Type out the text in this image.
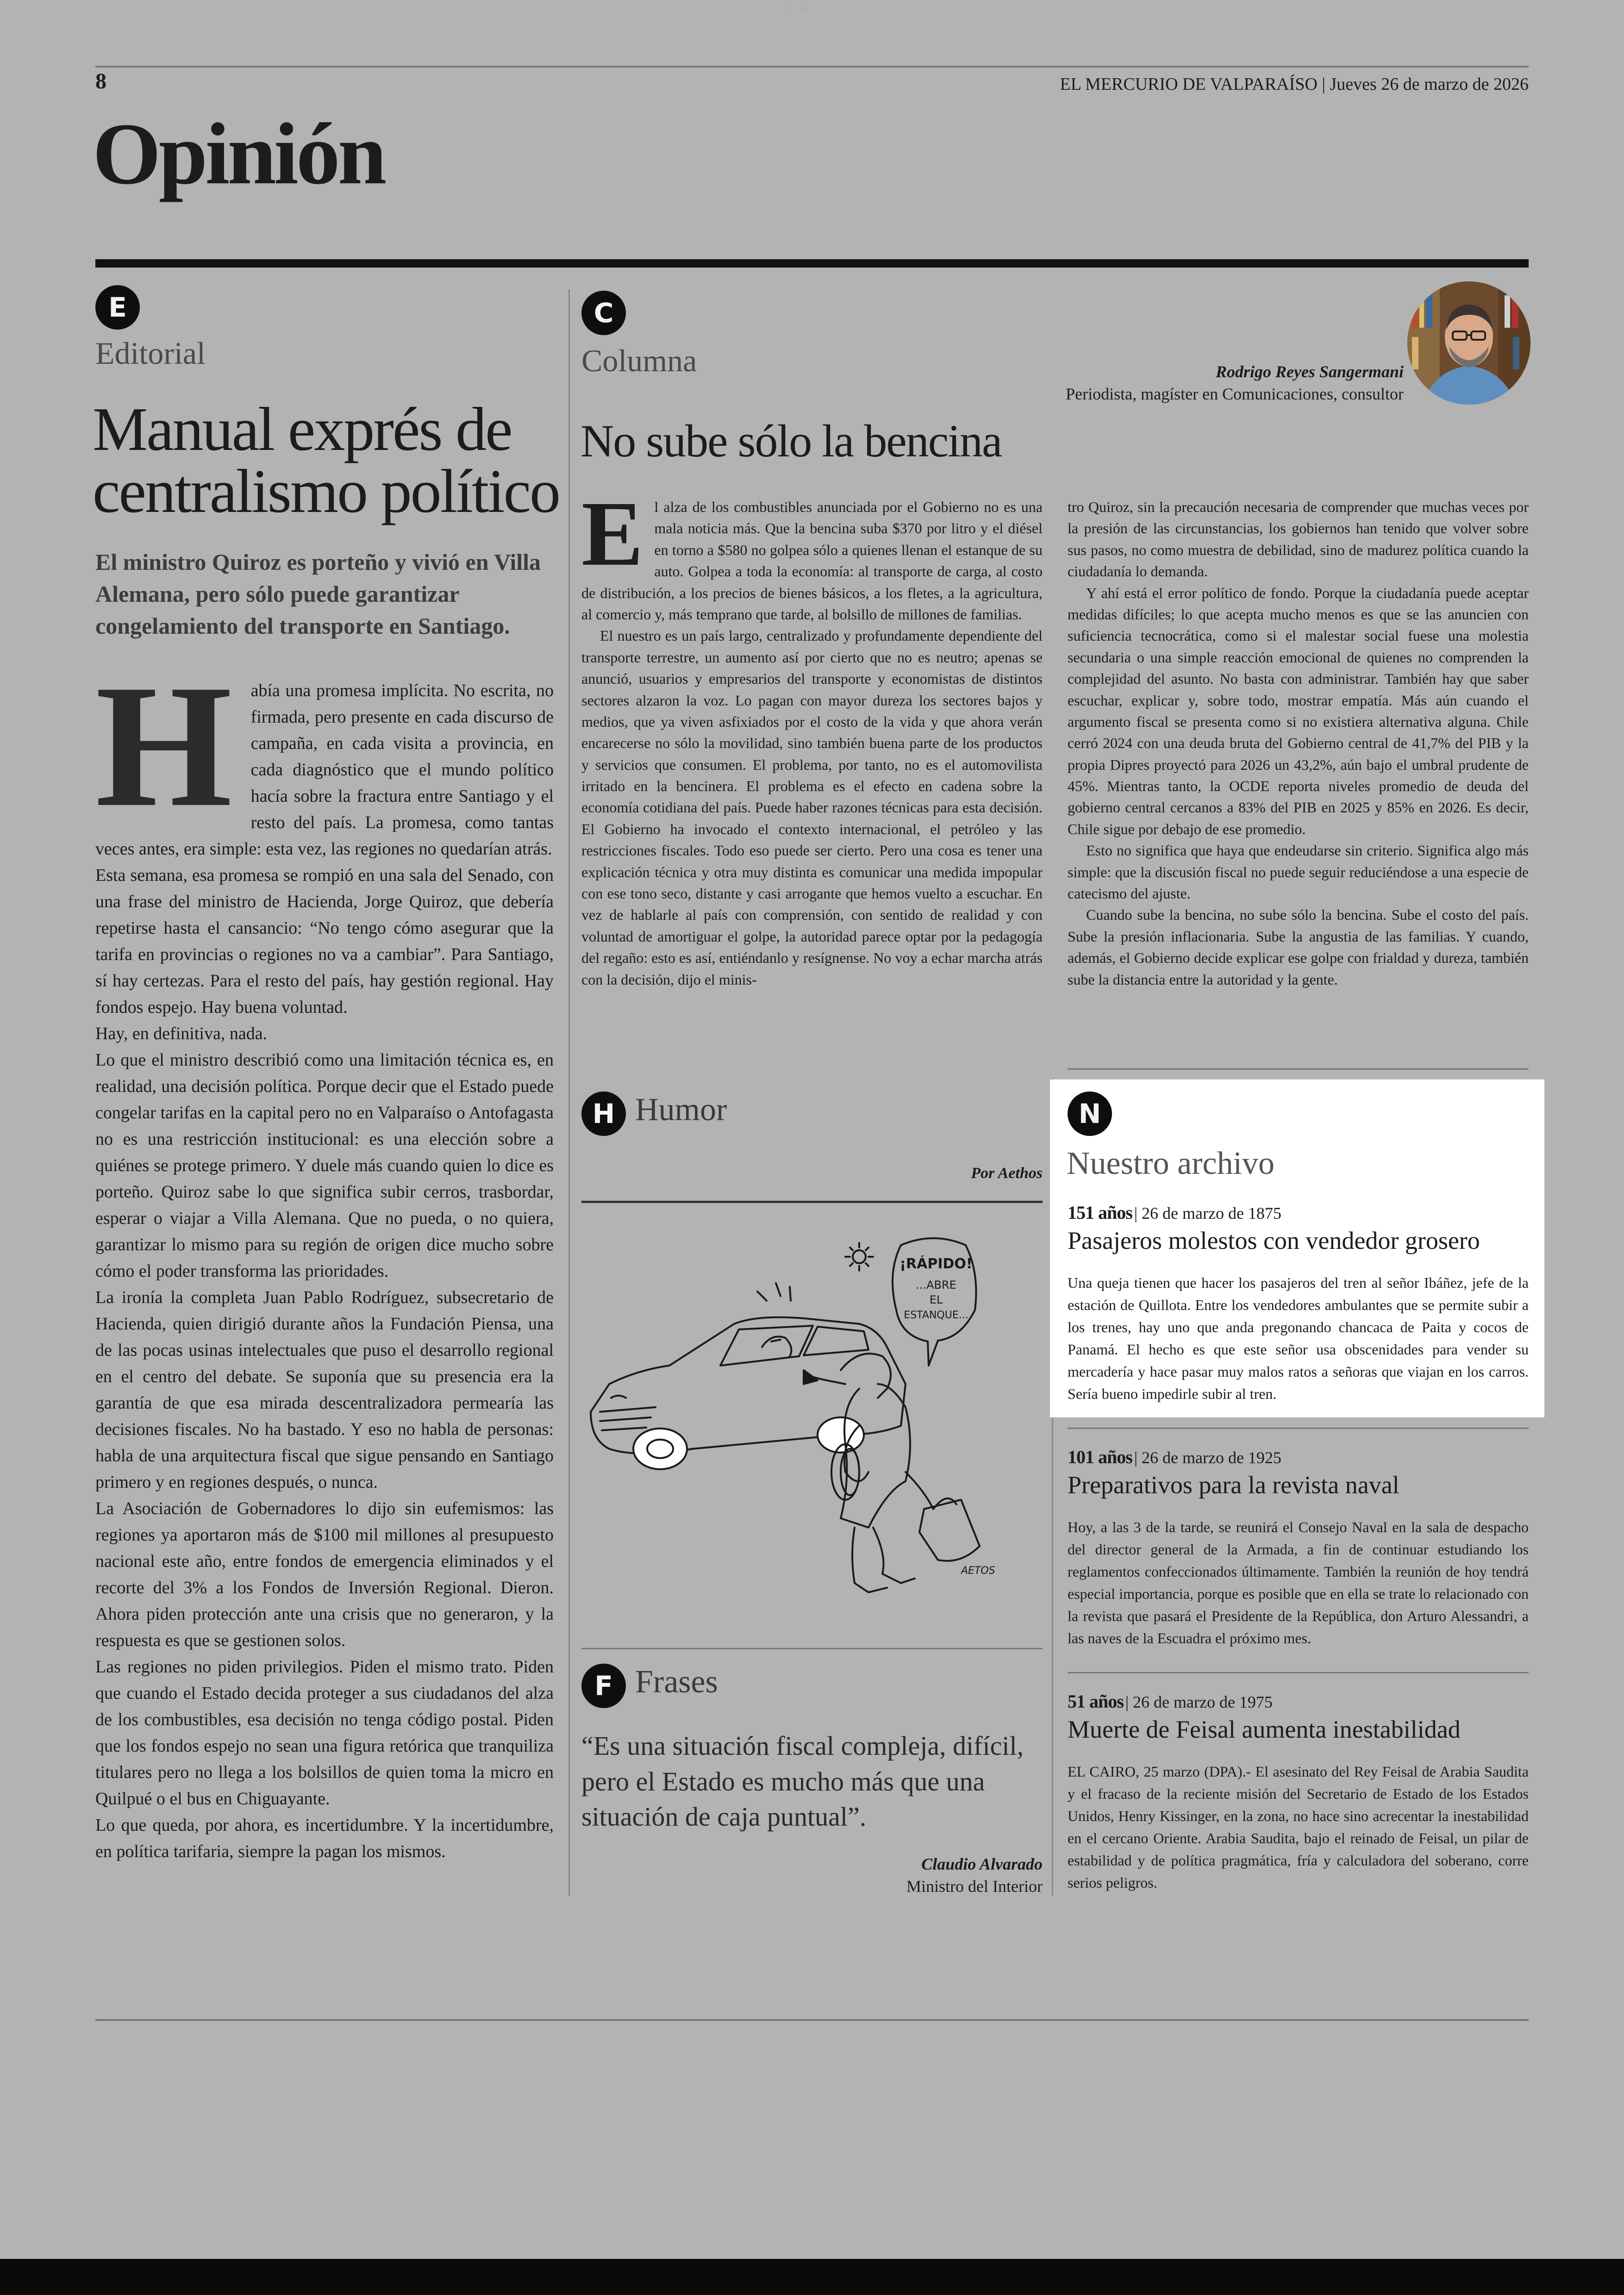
◦◦
8	EL MERCURIO DE VALPARAÍSO | Jueves 26 de marzo de 2026
Opinión
E
Editorial
Manual exprés de
centralismo político
El ministro Quiroz es porteño y vivió en Villa Alemana, pero sólo puede garantizar congelamiento del transporte en Santiago.
H	abía una promesa implícita. No escrita, no firmada, pero presente en cada discurso de campaña, en cada visita a provincia, en cada diagnóstico que el mundo político hacía sobre la fractura entre Santiago y el resto del país. La promesa, como tantas veces antes, era simple: esta vez, las regiones no quedarían atrás.

Esta semana, esa promesa se rompió en una sala del Senado, con una frase del ministro de Hacienda, Jorge Quiroz, que debería repetirse hasta el cansancio: “No tengo cómo asegurar que la tarifa en provincias o regiones no va a cambiar”. Para Santiago, sí hay certezas. Para el resto del país, hay gestión regional. Hay fondos espejo. Hay buena voluntad.

Hay, en definitiva, nada.

Lo que el ministro describió como una limitación técnica es, en realidad, una decisión política. Porque decir que el Estado puede congelar tarifas en la capital pero no en Valparaíso o Antofagasta no es una restricción institucional: es una elección sobre a quiénes se protege primero. Y duele más cuando quien lo dice es porteño. Quiroz sabe lo que significa subir cerros, trasbordar, esperar o viajar a Villa Alemana. Que no pueda, o no quiera, garantizar lo mismo para su región de origen dice mucho sobre cómo el poder transforma las prioridades.

La ironía la completa Juan Pablo Rodríguez, subsecretario de Hacienda, quien dirigió durante años la Fundación Piensa, una de las pocas usinas intelectuales que puso el desarrollo regional en el centro del debate. Se suponía que su presencia era la garantía de que esa mirada descentralizadora permearía las decisiones fiscales. No ha bastado. Y eso no habla de personas: habla de una arquitectura fiscal que sigue pensando en Santiago primero y en regiones después, o nunca.

La Asociación de Gobernadores lo dijo sin eufemismos: las regiones ya aportaron más de $100 mil millones al presupuesto nacional este año, entre fondos de emergencia eliminados y el recorte del 3% a los Fondos de Inversión Regional. Dieron. Ahora piden protección ante una crisis que no generaron, y la respuesta es que se gestionen solos.

Las regiones no piden privilegios. Piden el mismo trato. Piden que cuando el Estado decida proteger a sus ciudadanos del alza de los combustibles, esa decisión no tenga código postal. Piden que los fondos espejo no sean una figura retórica que tranquiliza titulares pero no llega a los bolsillos de quien toma la micro en Quilpué o el bus en Chiguayante.

Lo que queda, por ahora, es incertidumbre. Y la incertidumbre, en política tarifaria, siempre la pagan los mismos.

C
Columna	Rodrigo Reyes Sangermani
Periodista, magíster en Comunicaciones, consultor
No sube sólo la bencina
E l alza de los combustibles anunciada por el Gobierno no es una mala noticia más. Que la bencina suba $370 por litro y el diésel en torno a $580 no golpea sólo a quienes llenan el estanque de su auto. Golpea a toda la economía: al transporte de carga, al costo de distribución, a los precios de bienes básicos, a los fletes, a la agricultura, al comercio y, más temprano que tarde, al bolsillo de millones de familias.

El nuestro es un país largo, centralizado y profundamente dependiente del transporte terrestre, un aumento así por cierto que no es neutro; apenas se anunció, usuarios y empresarios del transporte y economistas de distintos sectores alzaron la voz. Lo pagan con mayor dureza los sectores bajos y medios, que ya viven asfixiados por el costo de la vida y que ahora verán encarecerse no sólo la movilidad, sino también buena parte de los productos y servicios que consumen. El problema, por tanto, no es el automovilista irritado en la bencinera. El problema es el efecto en cadena sobre la economía cotidiana del país. Puede haber razones técnicas para esta decisión. El Gobierno ha invocado el contexto internacional, el petróleo y las restricciones fiscales. Todo eso puede ser cierto. Pero una cosa es tener una explicación técnica y otra muy distinta es comunicar una medida impopular con ese tono seco, distante y casi arrogante que hemos vuelto a escuchar. En vez de hablarle al país con comprensión, con sentido de realidad y con voluntad de amortiguar el golpe, la autoridad parece optar por la pedagogía del regaño: esto es así, entiéndanlo y resígnense. No voy a echar marcha atrás con la decisión, dijo el minis-

tro Quiroz, sin la precaución necesaria de comprender que muchas veces por la presión de las circunstancias, los gobiernos han tenido que volver sobre sus pasos, no como muestra de debilidad, sino de madurez política cuando la ciudadanía lo demanda.

Y ahí está el error político de fondo. Porque la ciudadanía puede aceptar medidas difíciles; lo que acepta mucho menos es que se las anuncien con suficiencia tecnocrática, como si el malestar social fuese una molestia secundaria o una simple reacción emocional de quienes no comprenden la complejidad del asunto. No basta con administrar. También hay que saber escuchar, explicar y, sobre todo, mostrar empatía. Más aún cuando el argumento fiscal se presenta como si no existiera alternativa alguna. Chile cerró 2024 con una deuda bruta del Gobierno central de 41,7% del PIB y la propia Dipres proyectó para 2026 un 43,2%, aún bajo el umbral prudente de 45%. Mientras tanto, la OCDE reporta niveles promedio de deuda del gobierno central cercanos a 83% del PIB en 2025 y 85% en 2026. Es decir, Chile sigue por debajo de ese promedio.

Esto no significa que haya que endeudarse sin criterio. Significa algo más simple: que la discusión fiscal no puede seguir reduciéndose a una especie de catecismo del ajuste.

Cuando sube la bencina, no sube sólo la bencina. Sube el costo del país. Sube la presión inflacionaria. Sube la angustia de las familias. Y cuando, además, el Gobierno decide explicar ese golpe con frialdad y dureza, también sube la distancia entre la autoridad y la gente.

H Humor
Por Aethos
¡RÁPIDO!
...ABRE
EL
ESTANQUE...
AETOS
F Frases
“Es una situación fiscal compleja, difícil, pero el Estado es mucho más que una situación de caja puntual”.
Claudio Alvarado
Ministro del Interior
N
Nuestro archivo
151 años | 26 de marzo de 1875
Pasajeros molestos con vendedor grosero
Una queja tienen que hacer los pasajeros del tren al señor Ibáñez, jefe de la estación de Quillota. Entre los vendedores ambulantes que se permite subir a los trenes, hay uno que anda pregonando chancaca de Paita y cocos de Panamá. El hecho es que este señor usa obscenidades para vender su mercadería y hace pasar muy malos ratos a señoras que viajan en los carros. Sería bueno impedirle subir al tren.
101 años | 26 de marzo de 1925
Preparativos para la revista naval
Hoy, a las 3 de la tarde, se reunirá el Consejo Naval en la sala de despacho del director general de la Armada, a fin de continuar estudiando los reglamentos confeccionados últimamente. También la reunión de hoy tendrá especial importancia, porque es posible que en ella se trate lo relacionado con la revista que pasará el Presidente de la República, don Arturo Alessandri, a las naves de la Escuadra el próximo mes.
51 años | 26 de marzo de 1975
Muerte de Feisal aumenta inestabilidad
EL CAIRO, 25 marzo (DPA).- El asesinato del Rey Feisal de Arabia Saudita y el fracaso de la reciente misión del Secretario de Estado de los Estados Unidos, Henry Kissinger, en la zona, no hace sino acrecentar la inestabilidad en el cercano Oriente. Arabia Saudita, bajo el reinado de Feisal, un pilar de estabilidad y de política pragmática, fría y calculadora del soberano, corre serios peligros.
